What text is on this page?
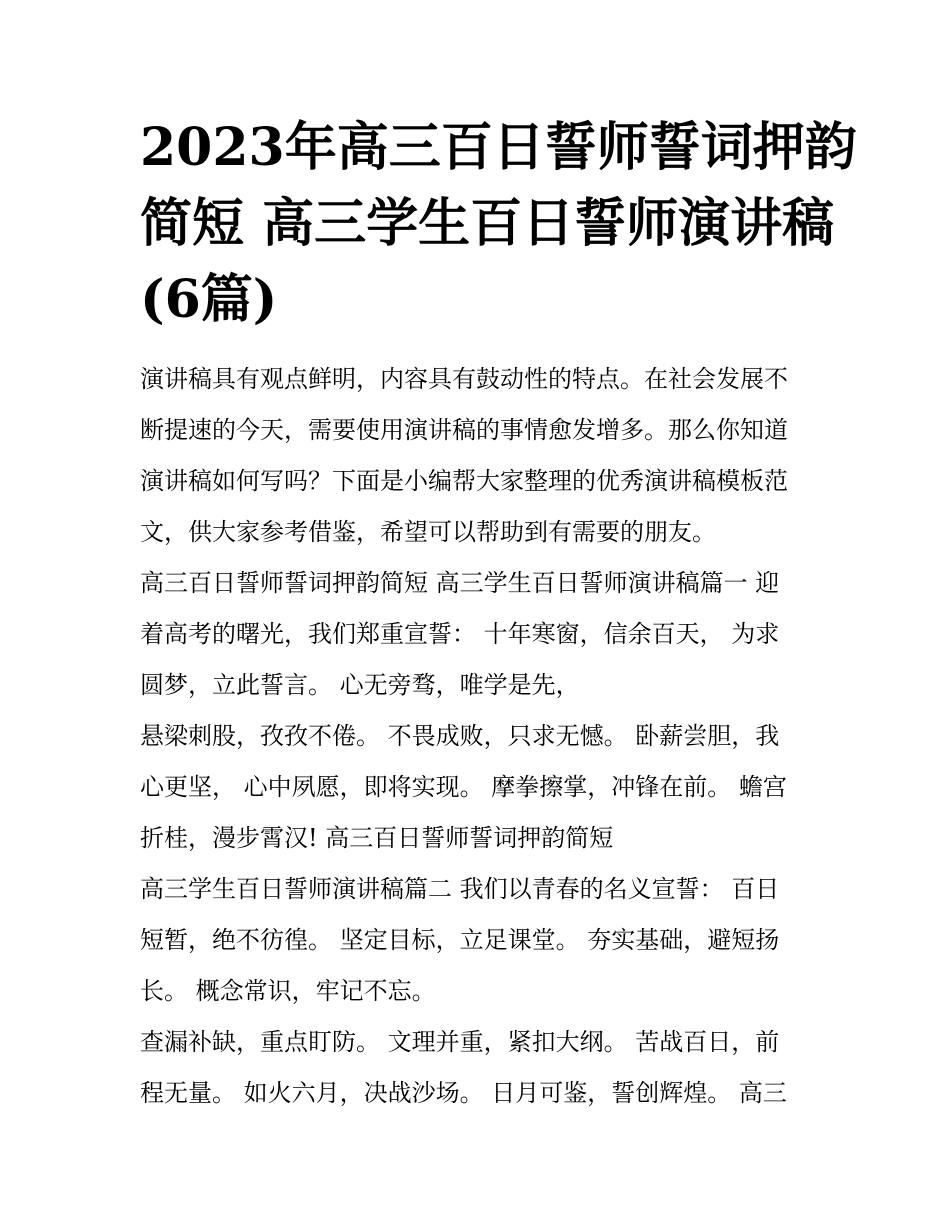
2023年高三百日誓师誓词押韵
简短 高三学生百日誓师演讲稿
(6篇)

演讲稿具有观点鲜明，内容具有鼓动性的特点。在社会发展不
断提速的今天，需要使用演讲稿的事情愈发增多。那么你知道
演讲稿如何写吗？下面是小编帮大家整理的优秀演讲稿模板范
文，供大家参考借鉴，希望可以帮助到有需要的朋友。

高三百日誓师誓词押韵简短 高三学生百日誓师演讲稿篇一 迎
着高考的曙光，我们郑重宣誓： 十年寒窗，信余百天， 为求
圆梦，立此誓言。 心无旁骛，唯学是先，

悬梁刺股，孜孜不倦。 不畏成败，只求无憾。 卧薪尝胆，我
心更坚， 心中夙愿，即将实现。 摩拳擦掌，冲锋在前。 蟾宫
折桂，漫步霄汉! 高三百日誓师誓词押韵简短

高三学生百日誓师演讲稿篇二 我们以青春的名义宣誓： 百日
短暂，绝不彷徨。 坚定目标，立足课堂。 夯实基础，避短扬
长。 概念常识，牢记不忘。

查漏补缺，重点盯防。 文理并重，紧扣大纲。 苦战百日，前
程无量。 如火六月，决战沙场。 日月可鉴，誓创辉煌。 高三
